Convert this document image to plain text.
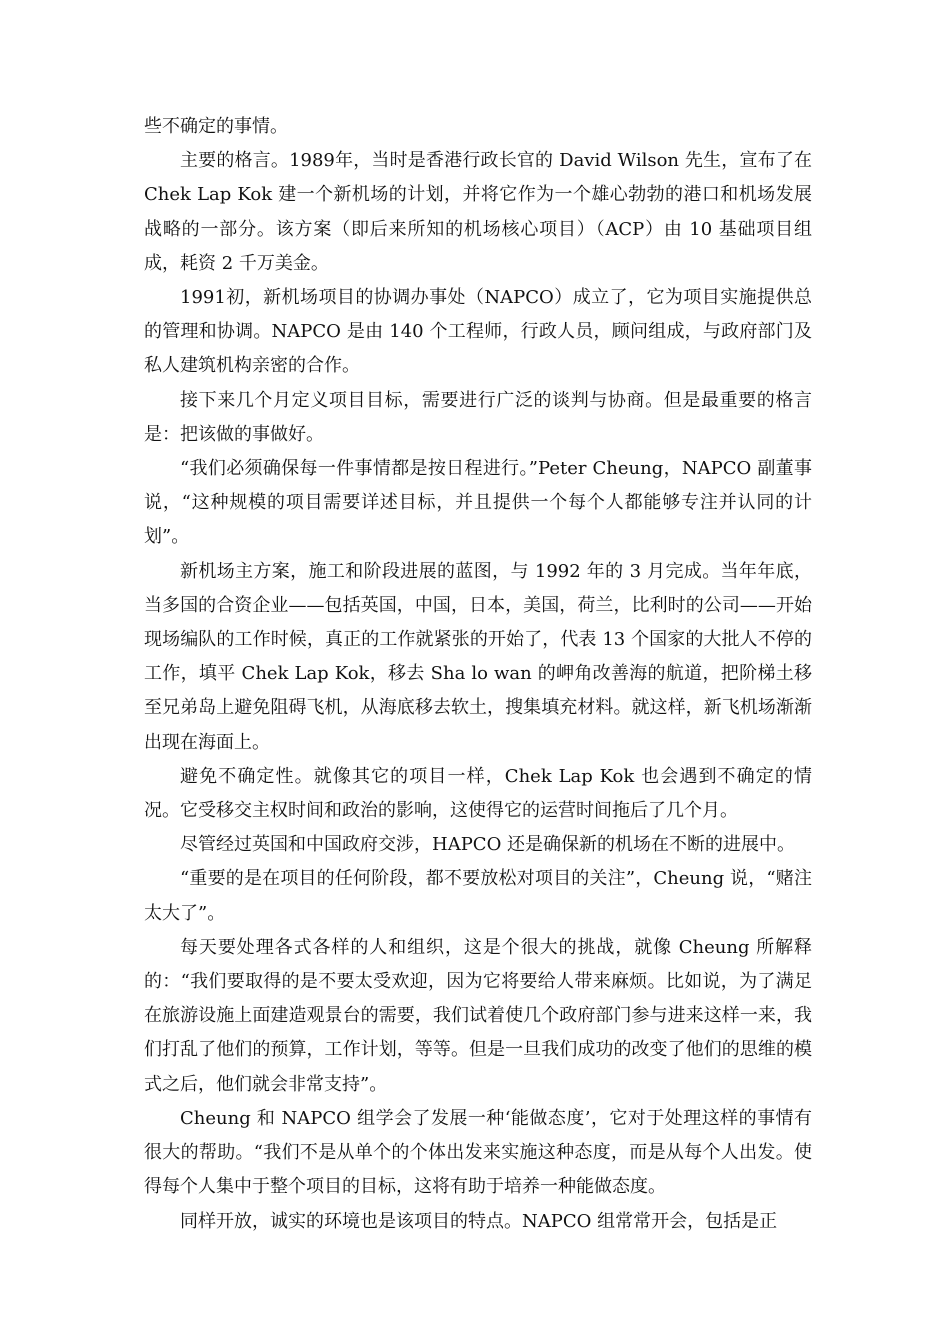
些不确定的事情。

主要的格言。1989年，当时是香港行政长官的 David Wilson 先生，宣布了在 Chek Lap Kok 建一个新机场的计划，并将它作为一个雄心勃勃的港口和机场发展战略的一部分。该方案（即后来所知的机场核心项目）（ACP）由 10 基础项目组成，耗资 2 千万美金。

1991初，新机场项目的协调办事处（NAPCO）成立了，它为项目实施提供总的管理和协调。NAPCO 是由 140 个工程师，行政人员，顾问组成，与政府部门及私人建筑机构亲密的合作。

接下来几个月定义项目目标，需要进行广泛的谈判与协商。但是最重要的格言是：把该做的事做好。

“我们必须确保每一件事情都是按日程进行。”Peter Cheung，NAPCO 副董事说，“这种规模的项目需要详述目标，并且提供一个每个人都能够专注并认同的计划”。

新机场主方案，施工和阶段进展的蓝图，与 1992 年的 3 月完成。当年年底，当多国的合资企业——包括英国，中国，日本，美国，荷兰，比利时的公司——开始现场编队的工作时候，真正的工作就紧张的开始了，代表 13 个国家的大批人不停的工作，填平 Chek Lap Kok，移去 Sha lo wan 的岬角改善海的航道，把阶梯土移至兄弟岛上避免阻碍飞机，从海底移去软土，搜集填充材料。就这样，新飞机场渐渐出现在海面上。

避免不确定性。就像其它的项目一样，Chek Lap Kok 也会遇到不确定的情况。它受移交主权时间和政治的影响，这使得它的运营时间拖后了几个月。

尽管经过英国和中国政府交涉，HAPCO 还是确保新的机场在不断的进展中。

“重要的是在项目的任何阶段，都不要放松对项目的关注”，Cheung 说，“赌注太大了”。

每天要处理各式各样的人和组织，这是个很大的挑战，就像 Cheung 所解释的：“我们要取得的是不要太受欢迎，因为它将要给人带来麻烦。比如说，为了满足在旅游设施上面建造观景台的需要，我们试着使几个政府部门参与进来这样一来，我们打乱了他们的预算，工作计划，等等。但是一旦我们成功的改变了他们的思维的模式之后，他们就会非常支持”。

Cheung 和 NAPCO 组学会了发展一种‘能做态度’，它对于处理这样的事情有很大的帮助。“我们不是从单个的个体出发来实施这种态度，而是从每个人出发。使得每个人集中于整个项目的目标，这将有助于培养一种能做态度。

同样开放，诚实的环境也是该项目的特点。NAPCO 组常常开会，包括是正
